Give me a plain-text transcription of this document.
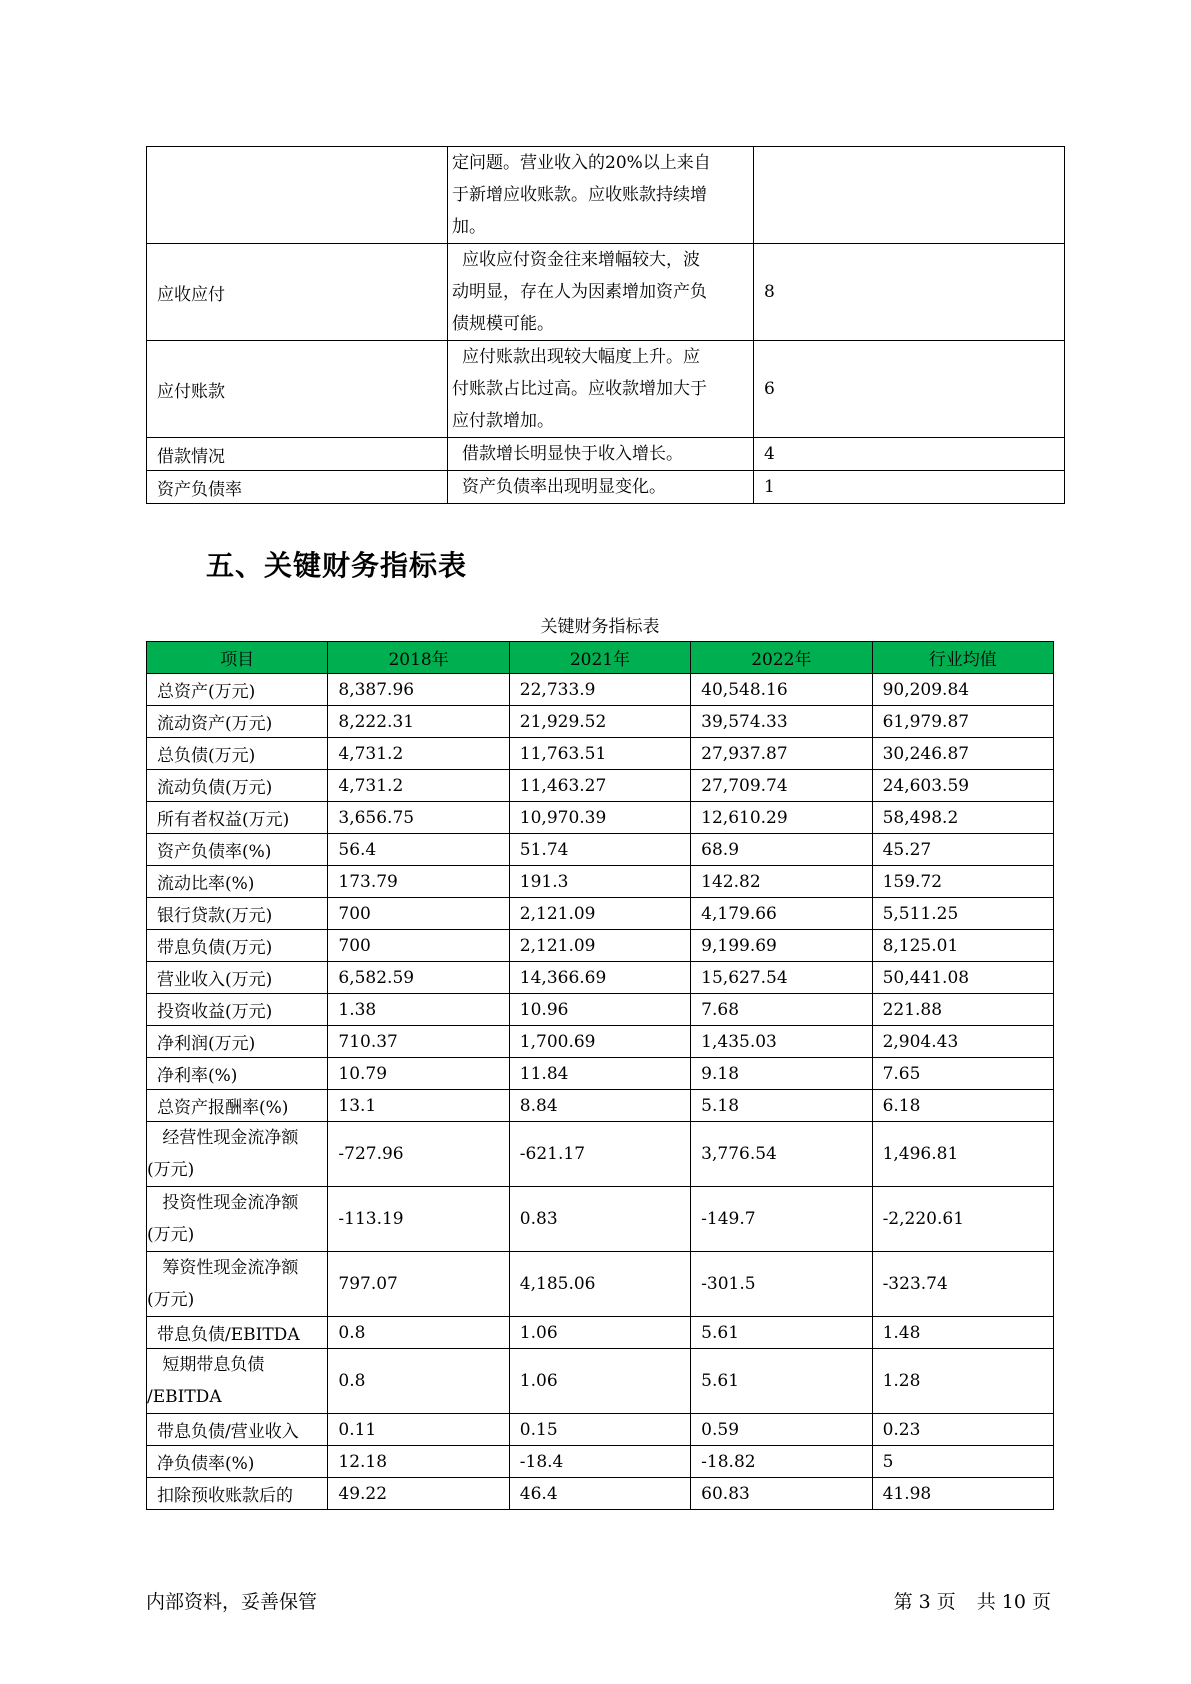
	定问题。营业收入的20%以上来自
于新增应收账款。应收账款持续增
加。	

应收应付	应收应付资金往来增幅较大，波
动明显，存在人为因素增加资产负
债规模可能。	8
应付账款	应付账款出现较大幅度上升。应
付账款占比过高。应收款增加大于
应付款增加。	6
借款情况	借款增长明显快于收入增长。	4
资产负债率	资产负债率出现明显变化。	1
五、关键财务指标表
关键财务指标表
项目	2018年	2021年	2022年	行业均值
总资产(万元)	8,387.96	22,733.9	40,548.16	90,209.84
流动资产(万元)	8,222.31	21,929.52	39,574.33	61,979.87
总负债(万元)	4,731.2	11,763.51	27,937.87	30,246.87
流动负债(万元)	4,731.2	11,463.27	27,709.74	24,603.59
所有者权益(万元)	3,656.75	10,970.39	12,610.29	58,498.2
资产负债率(%)	56.4	51.74	68.9	45.27
流动比率(%)	173.79	191.3	142.82	159.72
银行贷款(万元)	700	2,121.09	4,179.66	5,511.25
带息负债(万元)	700	2,121.09	9,199.69	8,125.01
营业收入(万元)	6,582.59	14,366.69	15,627.54	50,441.08
投资收益(万元)	1.38	10.96	7.68	221.88
净利润(万元)	710.37	1,700.69	1,435.03	2,904.43
净利率(%)	10.79	11.84	9.18	7.65
总资产报酬率(%)	13.1	8.84	5.18	6.18

经营性现金流净额
(万元)	-727.96	-621.17	3,776.54	1,496.81

投资性现金流净额
(万元)	-113.19	0.83	-149.7	-2,220.61

筹资性现金流净额
(万元)	797.07	4,185.06	-301.5	-323.74
带息负债/EBITDA	0.8	1.06	5.61	1.48

短期带息负债
/EBITDA	0.8	1.06	5.61	1.28
带息负债/营业收入	0.11	0.15	0.59	0.23
净负债率(%)	12.18	-18.4	-18.82	5
扣除预收账款后的	49.22	46.4	60.83	41.98
内部资料，妥善保管	第 3 页 共 10 页
